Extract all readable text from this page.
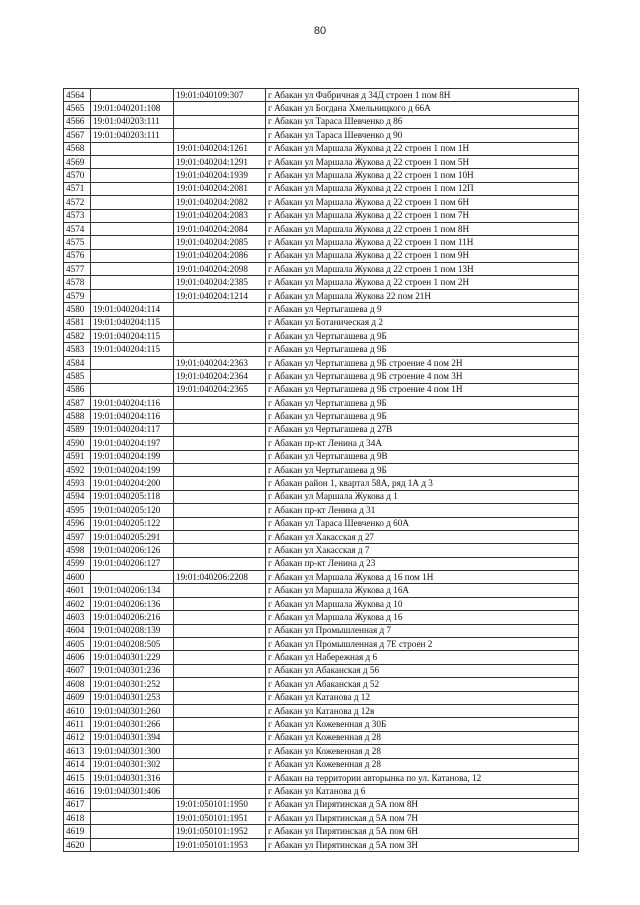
80
4564		19:01:040109:307	г Абакан ул Фабричная д 34Д строен 1 пом 8Н
4565	19:01:040201:108		г Абакан ул Богдана Хмельницкого д 66А
4566	19:01:040203:111		г Абакан ул Тараса Шевченко д 86
4567	19:01:040203:111		г Абакан ул Тараса Шевченко д 90
4568		19:01:040204:1261	г Абакан ул Маршала Жукова д 22 строен 1 пом 1Н
4569		19:01:040204:1291	г Абакан ул Маршала Жукова д 22 строен 1 пом 5Н
4570		19:01:040204:1939	г Абакан ул Маршала Жукова д 22 строен 1 пом 10Н
4571		19:01:040204:2081	г Абакан ул Маршала Жукова д 22 строен 1 пом 12П
4572		19:01:040204:2082	г Абакан ул Маршала Жукова д 22 строен 1 пом 6Н
4573		19:01:040204:2083	г Абакан ул Маршала Жукова д 22 строен 1 пом 7Н
4574		19:01:040204:2084	г Абакан ул Маршала Жукова д 22 строен 1 пом 8Н
4575		19:01:040204:2085	г Абакан ул Маршала Жукова д 22 строен 1 пом 11Н
4576		19:01:040204:2086	г Абакан ул Маршала Жукова д 22 строен 1 пом 9Н
4577		19:01:040204:2098	г Абакан ул Маршала Жукова д 22 строен 1 пом 13Н
4578		19:01:040204:2385	г Абакан ул Маршала Жукова д 22 строен 1 пом 2Н
4579		19:01:040204:1214	г Абакан ул Маршала Жукова 22 пом 21Н
4580	19:01:040204:114		г Абакан ул Чертыгашева д 9
4581	19:01:040204:115		г Абакан ул Ботаническая д 2
4582	19:01:040204:115		г Абакан ул Чертыгашева д 9Б
4583	19:01:040204:115		г Абакан ул Чертыгашева д 9Б
4584		19:01:040204:2363	г Абакан ул Чертыгашева д 9Б строение 4 пом 2Н
4585		19:01:040204:2364	г Абакан ул Чертыгашева д 9Б строение 4 пом 3Н
4586		19:01:040204:2365	г Абакан ул Чертыгашева д 9Б строение 4 пом 1Н
4587	19:01:040204:116		г Абакан ул Чертыгашева д 9Б
4588	19:01:040204:116		г Абакан ул Чертыгашева д 9Б
4589	19:01:040204:117		г Абакан ул Чертыгашева д 27В
4590	19:01:040204:197		г Абакан пр-кт Ленина д 34А
4591	19:01:040204:199		г Абакан ул Чертыгашева д 9В
4592	19:01:040204:199		г Абакан ул Чертыгашева д 9Б
4593	19:01:040204:200		г Абакан район 1, квартал 58А, ряд 1А д 3
4594	19:01:040205:118		г Абакан ул Маршала Жукова д 1
4595	19:01:040205:120		г Абакан пр-кт Ленина д 31
4596	19:01:040205:122		г Абакан ул Тараса Шевченко д 60А
4597	19:01:040205:291		г Абакан ул Хакасская д 27
4598	19:01:040206:126		г Абакан ул Хакасская д 7
4599	19:01:040206:127		г Абакан пр-кт Ленина д 23
4600		19:01:040206:2208	г Абакан ул Маршала Жукова д 16 пом 1Н
4601	19:01:040206:134		г Абакан ул Маршала Жукова д 16А
4602	19:01:040206:136		г Абакан ул Маршала Жукова д 10
4603	19:01:040206:216		г Абакан ул Маршала Жукова д 16
4604	19:01:040208:139		г Абакан ул Промышленная д 7
4605	19:01:040208:505		г Абакан ул Промышленная д 7Е строен 2
4606	19:01:040301:229		г Абакан ул Набережная д 6
4607	19:01:040301:236		г Абакан ул Абаканская д 56
4608	19:01:040301:252		г Абакан ул Абаканская д 52
4609	19:01:040301:253		г Абакан ул Катанова д 12
4610	19:01:040301:260		г Абакан ул Катанова д 12в
4611	19:01:040301:266		г Абакан ул Кожевенная д 30Б
4612	19:01:040301:394		г Абакан ул Кожевенная д 28
4613	19:01:040301:300		г Абакан ул Кожевенная д 28
4614	19:01:040301:302		г Абакан ул Кожевенная д 28
4615	19:01:040301:316		г Абакан на территории авторынка по ул. Катанова, 12
4616	19:01:040301:406		г Абакан ул Катанова д 6
4617		19:01:050101:1950	г Абакан ул Пирятинская д 5А пом 8Н
4618		19:01:050101:1951	г Абакан ул Пирятинская д 5А пом 7Н
4619		19:01:050101:1952	г Абакан ул Пирятинская д 5А пом 6Н
4620		19:01:050101:1953	г Абакан ул Пирятинская д 5А пом 3Н
